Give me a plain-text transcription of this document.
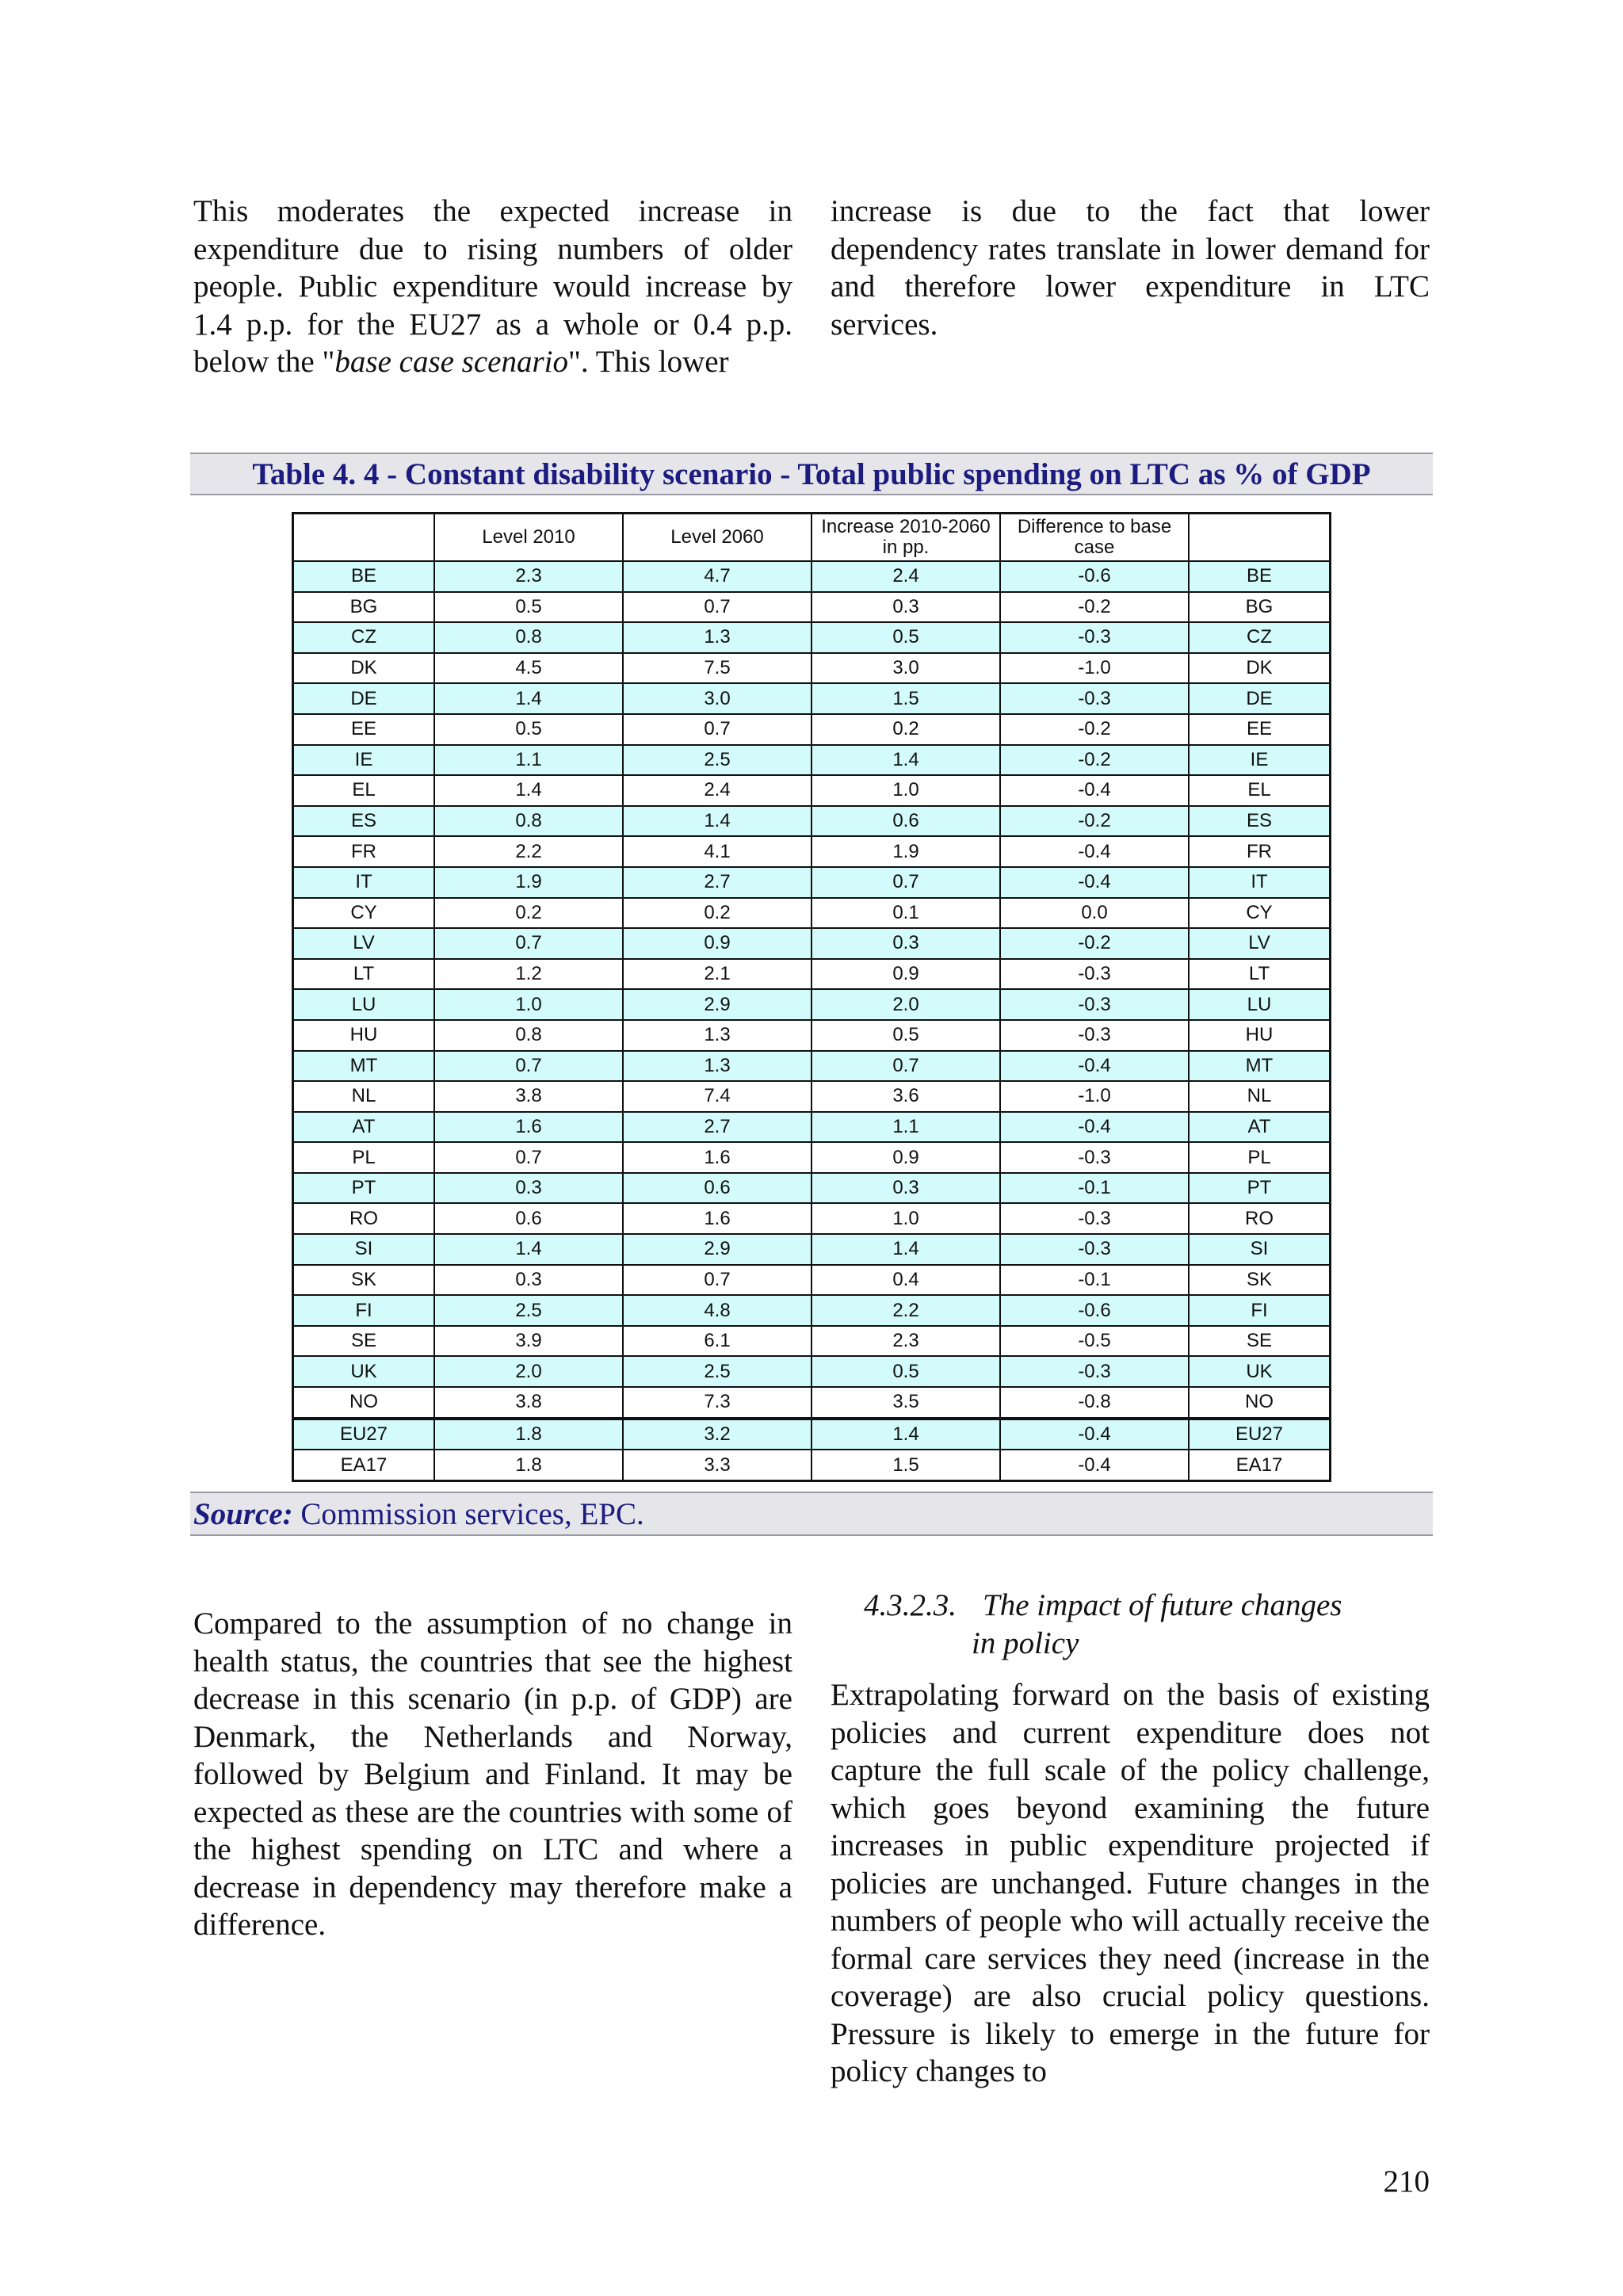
This moderates the expected increase in expenditure due to rising numbers of older people. Public expenditure would increase by 1.4 p.p. for the EU27 as a whole or 0.4 p.p. below the "base case scenario". This lower

increase is due to the fact that lower dependency rates translate in lower demand for and therefore lower expenditure in LTC services.

Table 4. 4 - Constant disability scenario - Total public spending on LTC as % of GDP
	Level 2010	Level 2060	Increase 2010-2060 in pp.	Difference to base case	
BE	2.3	4.7	2.4	-0.6	BE
BG	0.5	0.7	0.3	-0.2	BG
CZ	0.8	1.3	0.5	-0.3	CZ
DK	4.5	7.5	3.0	-1.0	DK
DE	1.4	3.0	1.5	-0.3	DE
EE	0.5	0.7	0.2	-0.2	EE
IE	1.1	2.5	1.4	-0.2	IE
EL	1.4	2.4	1.0	-0.4	EL
ES	0.8	1.4	0.6	-0.2	ES
FR	2.2	4.1	1.9	-0.4	FR
IT	1.9	2.7	0.7	-0.4	IT
CY	0.2	0.2	0.1	0.0	CY
LV	0.7	0.9	0.3	-0.2	LV
LT	1.2	2.1	0.9	-0.3	LT
LU	1.0	2.9	2.0	-0.3	LU
HU	0.8	1.3	0.5	-0.3	HU
MT	0.7	1.3	0.7	-0.4	MT
NL	3.8	7.4	3.6	-1.0	NL
AT	1.6	2.7	1.1	-0.4	AT
PL	0.7	1.6	0.9	-0.3	PL
PT	0.3	0.6	0.3	-0.1	PT
RO	0.6	1.6	1.0	-0.3	RO
SI	1.4	2.9	1.4	-0.3	SI
SK	0.3	0.7	0.4	-0.1	SK
FI	2.5	4.8	2.2	-0.6	FI
SE	3.9	6.1	2.3	-0.5	SE
UK	2.0	2.5	0.5	-0.3	UK
NO	3.8	7.3	3.5	-0.8	NO
EU27	1.8	3.2	1.4	-0.4	EU27
EA17	1.8	3.3	1.5	-0.4	EA17
Source: Commission services, EPC.

Compared to the assumption of no change in health status, the countries that see the highest decrease in this scenario (in p.p. of GDP) are Denmark, the Netherlands and Norway, followed by Belgium and Finland. It may be expected as these are the countries with some of the highest spending on LTC and where a decrease in dependency may therefore make a difference.

4.3.2.3. The impact of future changes
in policy

Extrapolating forward on the basis of existing policies and current expenditure does not capture the full scale of the policy challenge, which goes beyond examining the future increases in public expenditure projected if policies are unchanged. Future changes in the numbers of people who will actually receive the formal care services they need (increase in the coverage) are also crucial policy questions. Pressure is likely to emerge in the future for policy changes to

210
